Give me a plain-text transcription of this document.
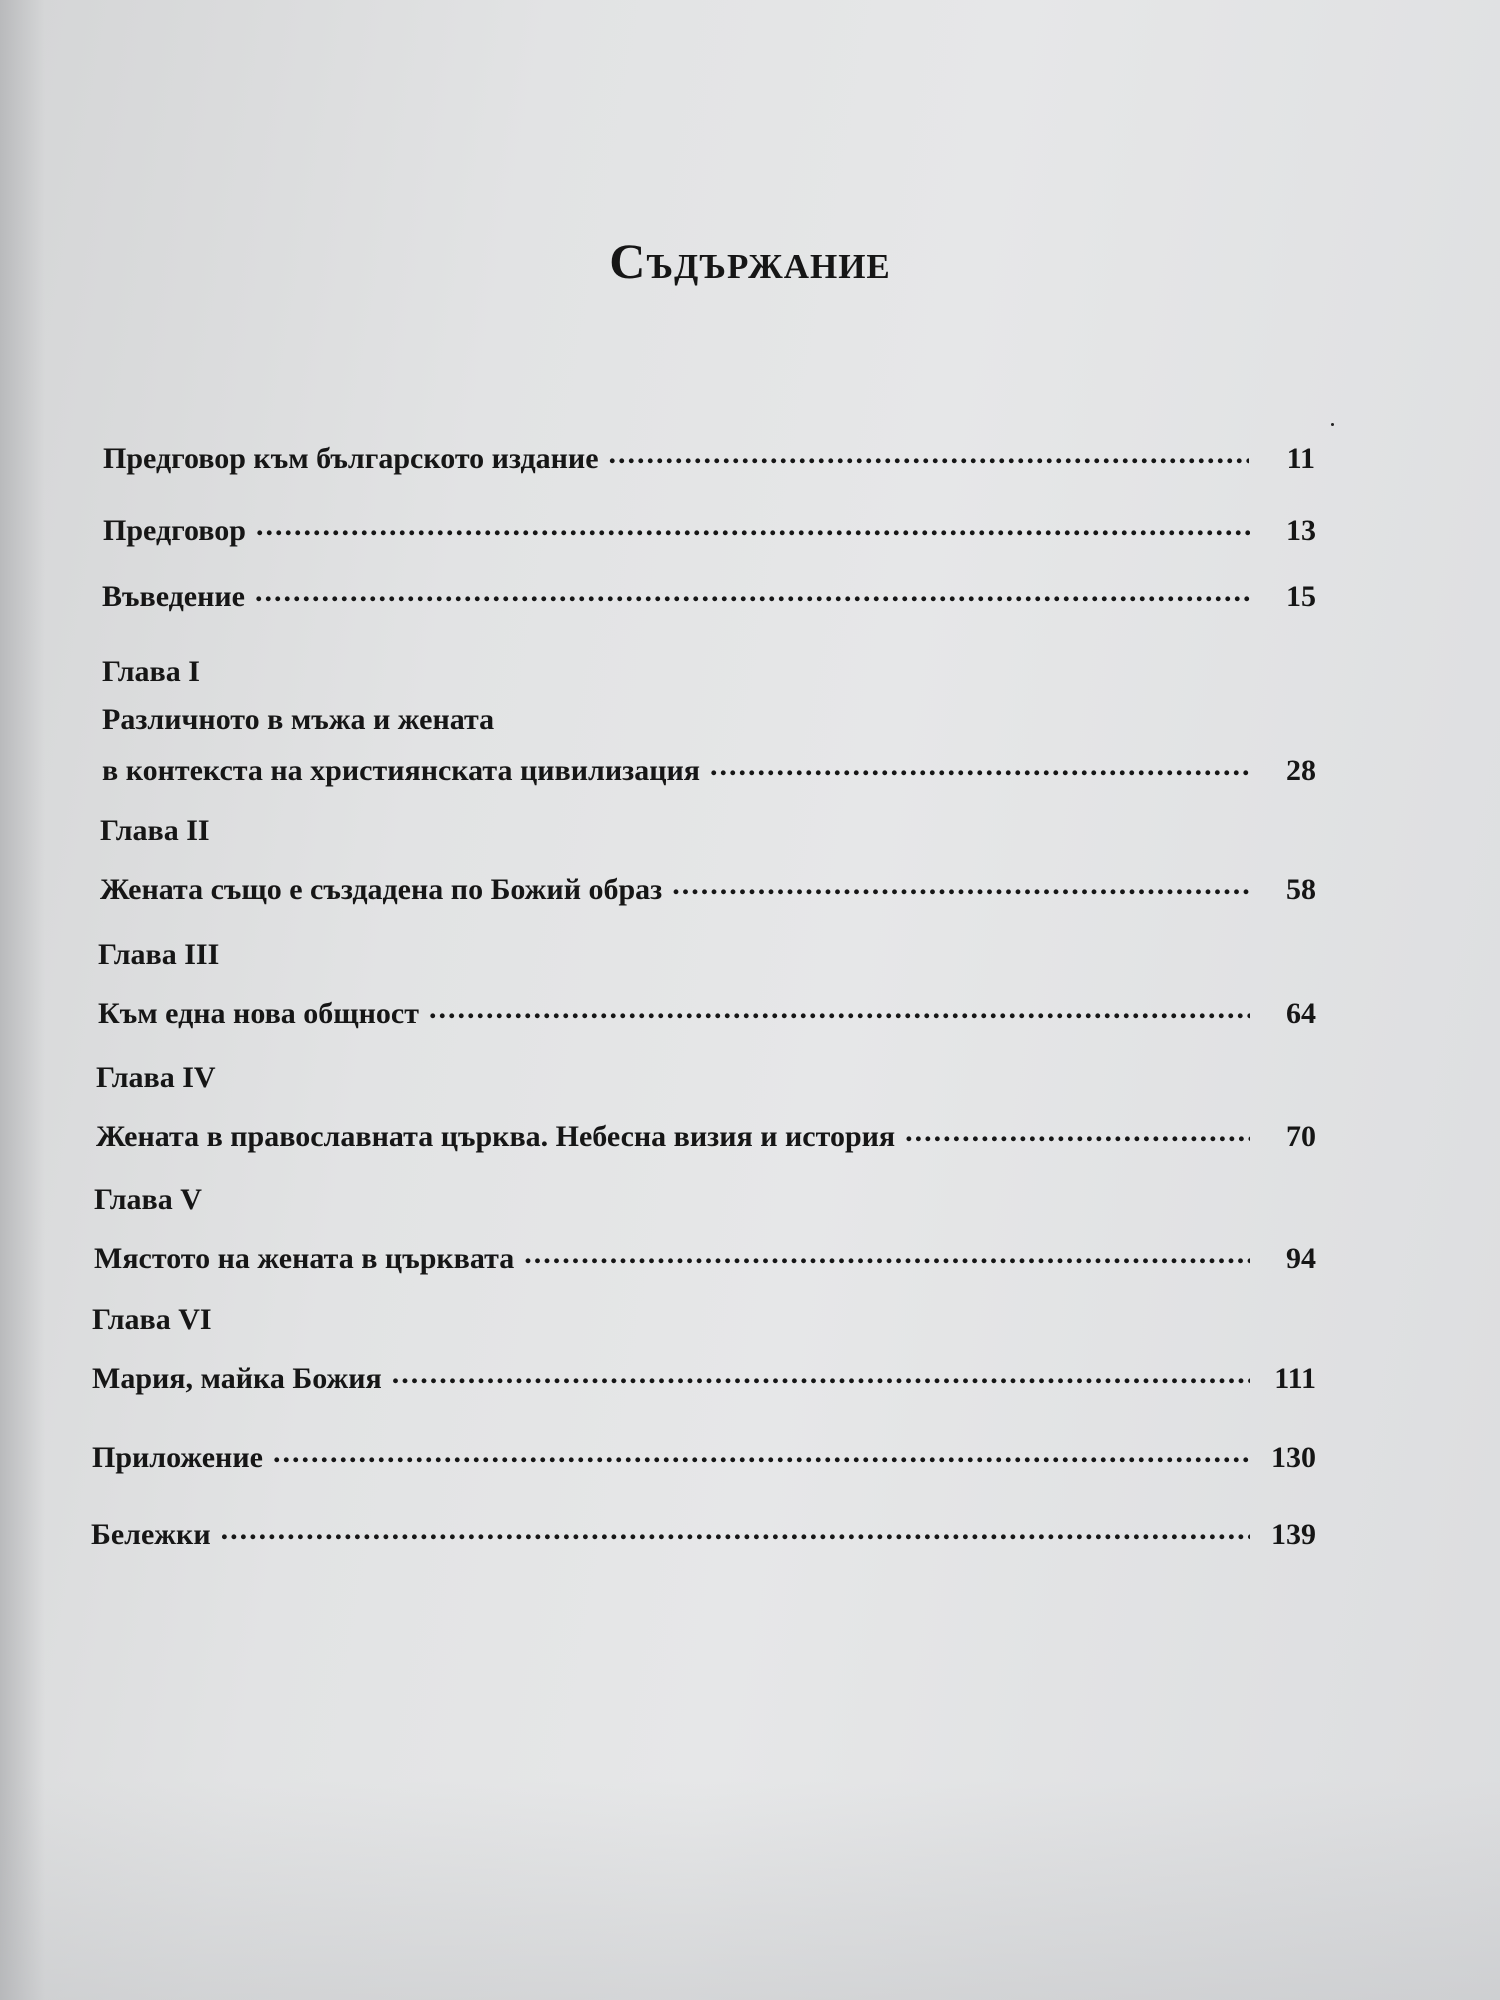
Съдържание
Предговор към българското издание .....	11
Предговор .....	13
Въведение .....	15
Глава I
Различното в мъжа и жената
в контекста на християнската цивилизация .....	28
Глава II
Жената също е създадена по Божий образ .....	58
Глава III
Към една нова общност .....	64
Глава IV
Жената в православната църква. Небесна визия и история .....	70
Глава V
Мястото на жената в църквата .....	94
Глава VI
Мария, майка Божия .....	111
Приложение .....	130
Бележки .....	139
